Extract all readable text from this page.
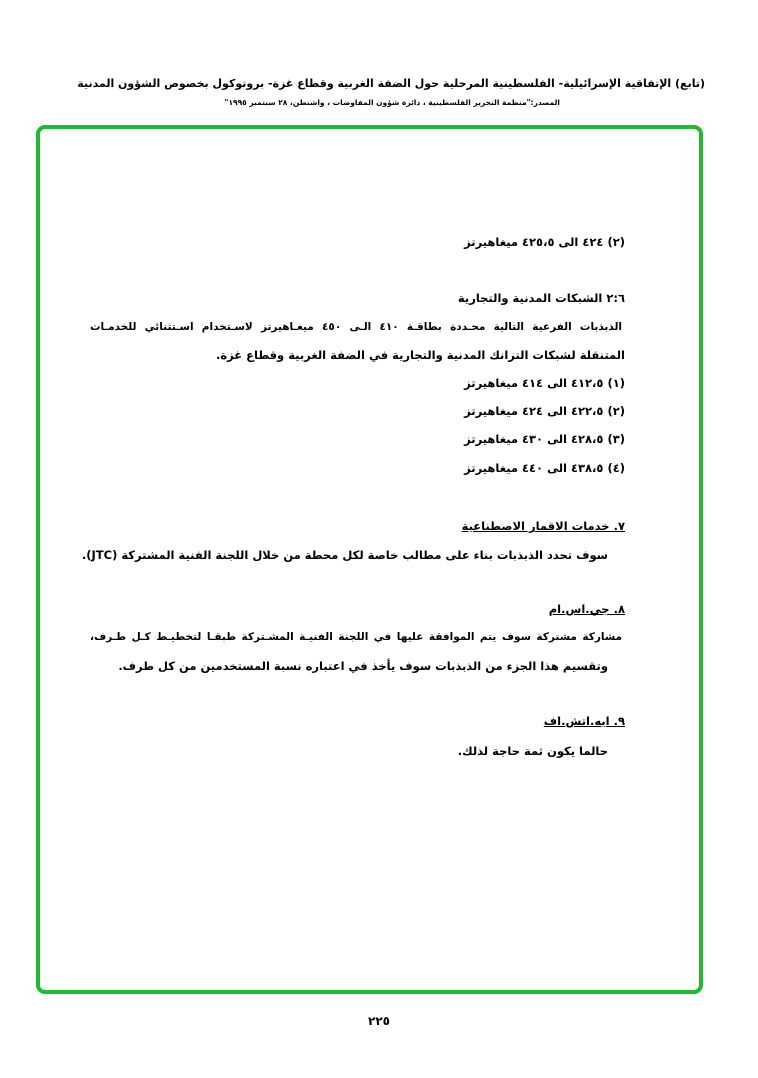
(تابع) الإتفاقية الإسرائيلية- الفلسطينية المرحلية حول الضفة الغربية وقطاع غزة- بروتوكول بخصوص الشؤون المدنية
المصدر:"منظمة التحرير الفلسطينية ، دائرة شؤون المفاوضات ، واشنطن، ٢٨ سبتمبر ١٩٩٥"
(٢) ٤٢٤ الى ٤٢٥،٥ ميغاهيرتز
٢:٦ الشبكات المدنية والتجارية
الذبذبات الفرعية التالية محـددة بطاقـة ٤١٠ الـى ٤٥٠ ميغـاهيرتز لاسـتخدام اسـتثنائي للخدمـات
المتنقلة لشبكات الترانك المدنية والتجارية في الضفة الغربية وقطاع غزة.
(١) ٤١٢،٥ الى ٤١٤ ميغاهيرتز
(٢) ٤٢٢،٥ الى ٤٢٤ ميغاهيرتز
(٣) ٤٢٨،٥ الى ٤٣٠ ميغاهيرتز
(٤) ٤٣٨،٥ الى ٤٤٠ ميغاهيرتز
٧. خدمات الاقمار الاصطناعية
سوف تحدد الذبذبات بناء على مطالب خاصة لكل محطة من خلال اللجنة الفنية المشتركة (JTC).
٨. جي.اس.ام
مشاركة مشتركة سوف يتم الموافقة عليها في اللجنة الفنيـة المشـتركة طبقـا لتخطيـط كـل طـرف،
وتقسيم هذا الجزء من الذبذبات سوف يأخذ في اعتباره نسبة المستخدمين من كل طرف.
٩. ايه.اتش.اف
حالما يكون ثمة حاجة لذلك.
٢٢٥
